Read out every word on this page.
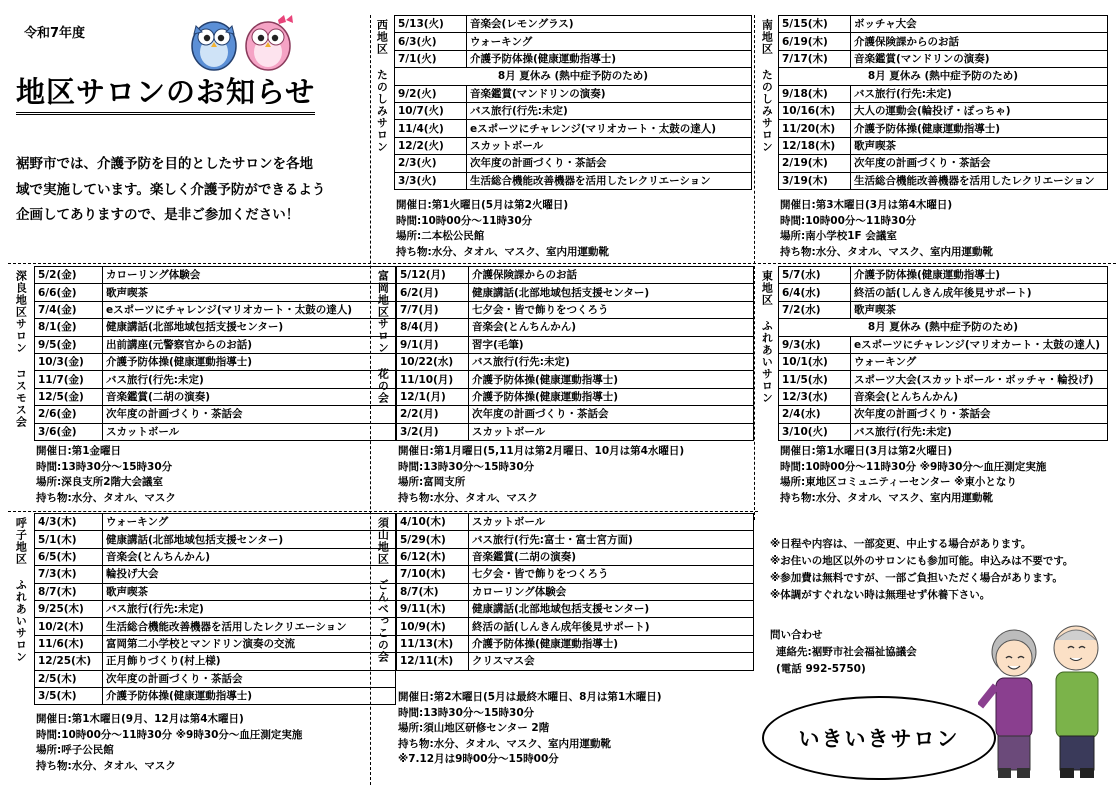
令和7年度
地区サロンのお知らせ
裾野市では、介護予防を目的としたサロンを各地
域で実施しています。楽しく介護予防ができるよう
企画してありますので、是非ご参加ください！
西地区 たのしみサロン 5/13(火)	音楽会(レモングラス)
6/3(火)	ウォーキング
7/1(火)	介護予防体操(健康運動指導士)
8月 夏休み (熱中症予防のため)	
9/2(火)	音楽鑑賞(マンドリンの演奏)
10/7(火)	バス旅行(行先:未定)
11/4(火)	eスポーツにチャレンジ(マリオカート・太鼓の達人)
12/2(火)	スカットボール
2/3(火)	次年度の計画づくり・茶話会
3/3(火)	生活総合機能改善機器を活用したレクリエーション
開催日:第1火曜日(5月は第2火曜日)
時間:10時00分～11時30分
場所:二本松公民館
持ち物:水分、タオル、マスク、室内用運動靴
南地区 たのしみサロン 5/15(木)	ボッチャ大会
6/19(木)	介護保険課からのお話
7/17(木)	音楽鑑賞(マンドリンの演奏)
8月 夏休み (熱中症予防のため)	
9/18(木)	バス旅行(行先:未定)
10/16(木)	大人の運動会(輪投げ・ぽっちゃ)
11/20(木)	介護予防体操(健康運動指導士)
12/18(木)	歌声喫茶
2/19(木)	次年度の計画づくり・茶話会
3/19(木)	生活総合機能改善機器を活用したレクリエーション
開催日:第3木曜日(3月は第4木曜日)
時間:10時00分～11時30分
場所:南小学校1F 会議室
持ち物:水分、タオル、マスク、室内用運動靴
深良地区サロン コスモス会 5/2(金)	カローリング体験会
6/6(金)	歌声喫茶
7/4(金)	eスポーツにチャレンジ(マリオカート・太鼓の達人)
8/1(金)	健康講話(北部地域包括支援センター)
9/5(金)	出前講座(元警察官からのお話)
10/3(金)	介護予防体操(健康運動指導士)
11/7(金)	バス旅行(行先:未定)
12/5(金)	音楽鑑賞(二胡の演奏)
2/6(金)	次年度の計画づくり・茶話会
3/6(金)	スカットボール
開催日:第1金曜日
時間:13時30分～15時30分
場所:深良支所2階大会議室
持ち物:水分、タオル、マスク
富岡地区サロン 花の会 5/12(月)	介護保険課からのお話
6/2(月)	健康講話(北部地域包括支援センター)
7/7(月)	七夕会・皆で飾りをつくろう
8/4(月)	音楽会(とんちんかん)
9/1(月)	習字(毛筆)
10/22(水)	バス旅行(行先:未定)
11/10(月)	介護予防体操(健康運動指導士)
12/1(月)	介護予防体操(健康運動指導士)
2/2(月)	次年度の計画づくり・茶話会
3/2(月)	スカットボール
開催日:第1月曜日(5,11月は第2月曜日、10月は第4水曜日)
時間:13時30分～15時30分
場所:富岡支所
持ち物:水分、タオル、マスク
東地区 ふれあいサロン 5/7(水)	介護予防体操(健康運動指導士)
6/4(水)	終活の話(しんきん成年後見サポート)
7/2(水)	歌声喫茶
8月 夏休み (熱中症予防のため)	
9/3(水)	eスポーツにチャレンジ(マリオカート・太鼓の達人)
10/1(水)	ウォーキング
11/5(水)	スポーツ大会(スカットボール・ボッチャ・輪投げ)
12/3(水)	音楽会(とんちんかん)
2/4(水)	次年度の計画づくり・茶話会
3/10(火)	バス旅行(行先:未定)
開催日:第1水曜日(3月は第2火曜日)
時間:10時00分～11時30分 ※9時30分～血圧測定実施
場所:東地区コミュニティーセンター ※東小となり
持ち物:水分、タオル、マスク、室内用運動靴
呼子地区 ふれあいサロン 4/3(木)	ウォーキング
5/1(木)	健康講話(北部地域包括支援センター)
6/5(木)	音楽会(とんちんかん)
7/3(木)	輪投げ大会
8/7(木)	歌声喫茶
9/25(木)	バス旅行(行先:未定)
10/2(木)	生活総合機能改善機器を活用したレクリエーション
11/6(木)	富岡第二小学校とマンドリン演奏の交流
12/25(木)	正月飾りづくり(村上様)
2/5(木)	次年度の計画づくり・茶話会
3/5(木)	介護予防体操(健康運動指導士)
開催日:第1木曜日(9月、12月は第4木曜日)
時間:10時00分～11時30分 ※9時30分～血圧測定実施
場所:呼子公民館
持ち物:水分、タオル、マスク
須山地区 ごんべっこの会 4/10(木)	スカットボール
5/29(木)	バス旅行(行先:富士・富士宮方面)
6/12(木)	音楽鑑賞(二胡の演奏)
7/10(木)	七夕会・皆で飾りをつくろう
8/7(木)	カローリング体験会
9/11(木)	健康講話(北部地域包括支援センター)
10/9(木)	終活の話(しんきん成年後見サポート)
11/13(木)	介護予防体操(健康運動指導士)
12/11(木)	クリスマス会
開催日:第2木曜日(5月は最終木曜日、8月は第1木曜日)
時間:13時30分～15時30分
場所:須山地区研修センター 2階
持ち物:水分、タオル、マスク、室内用運動靴
※7.12月は9時00分～15時00分
※日程や内容は、一部変更、中止する場合があります。
※お住いの地区以外のサロンにも参加可能。申込みは不要です。
※参加費は無料ですが、一部ご負担いただく場合があります。
※体調がすぐれない時は無理せず休養下さい。
問い合わせ
連絡先:裾野市社会福祉協議会
(電話 992-5750)
いきいきサロン
